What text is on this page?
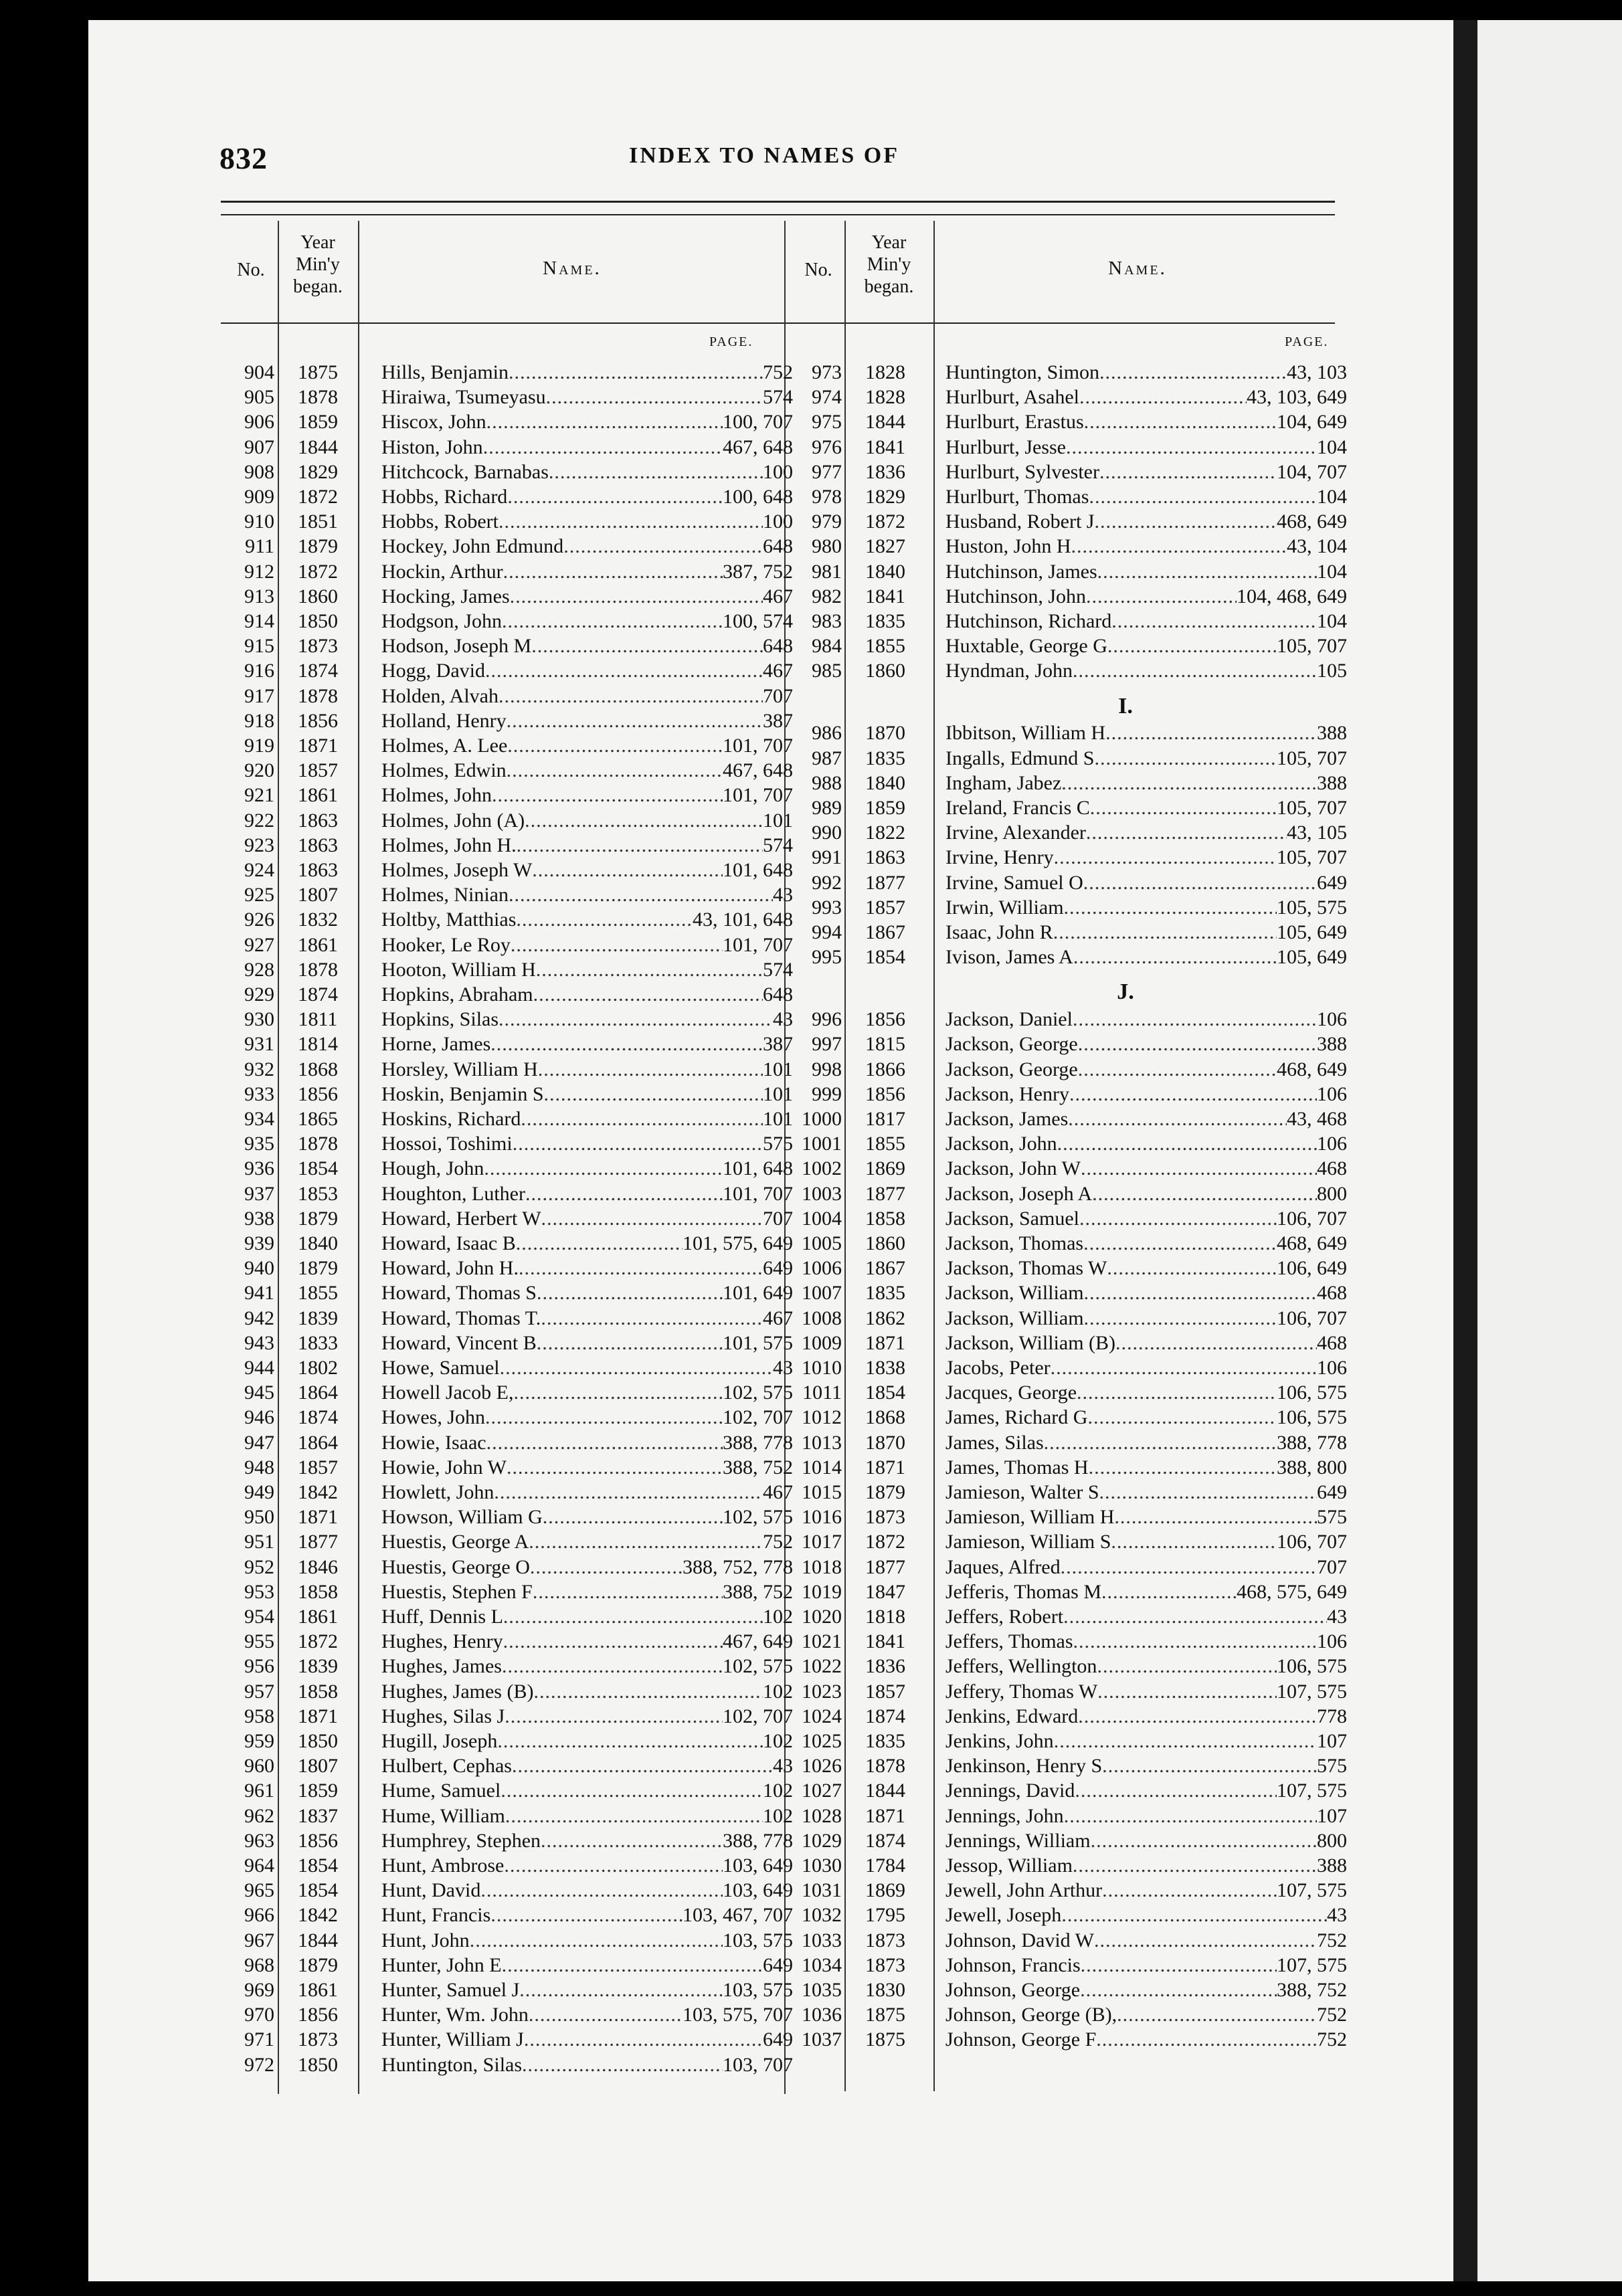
832	INDEX TO NAMES OF
No.
Year
Min'y
began.
Name.
PAGE.
No.
Year
Min'y
began.
Name.
PAGE.
904	1875	Hills, Benjamin .....	752
905	1878	Hiraiwa, Tsumeyasu .....	574
906	1859	Hiscox, John .....	100, 707
907	1844	Histon, John .....	467, 648
908	1829	Hitchcock, Barnabas .....	100
909	1872	Hobbs, Richard .....	100, 648
910	1851	Hobbs, Robert .....	100
911	1879	Hockey, John Edmund .....	648
912	1872	Hockin, Arthur .....	387, 752
913	1860	Hocking, James .....	467
914	1850	Hodgson, John .....	100, 574
915	1873	Hodson, Joseph M .....	648
916	1874	Hogg, David .....	467
917	1878	Holden, Alvah .....	707
918	1856	Holland, Henry .....	387
919	1871	Holmes, A. Lee .....	101, 707
920	1857	Holmes, Edwin .....	467, 648
921	1861	Holmes, John .....	101, 707
922	1863	Holmes, John (A) .....	101
923	1863	Holmes, John H. .....	574
924	1863	Holmes, Joseph W .....	101, 648
925	1807	Holmes, Ninian .....	43
926	1832	Holtby, Matthias .....	43, 101, 648
927	1861	Hooker, Le Roy .....	101, 707
928	1878	Hooton, William H .....	574
929	1874	Hopkins, Abraham .....	648
930	1811	Hopkins, Silas .....	43
931	1814	Horne, James .....	387
932	1868	Horsley, William H .....	101
933	1856	Hoskin, Benjamin S .....	101
934	1865	Hoskins, Richard .....	101
935	1878	Hossoi, Toshimi .....	575
936	1854	Hough, John .....	101, 648
937	1853	Houghton, Luther .....	101, 707
938	1879	Howard, Herbert W .....	707
939	1840	Howard, Isaac B .....	101, 575, 649
940	1879	Howard, John H. .....	649
941	1855	Howard, Thomas S .....	101, 649
942	1839	Howard, Thomas T. .....	467
943	1833	Howard, Vincent B .....	101, 575
944	1802	Howe, Samuel .....	43
945	1864	Howell Jacob E, .....	102, 575
946	1874	Howes, John .....	102, 707
947	1864	Howie, Isaac .....	388, 778
948	1857	Howie, John W .....	388, 752
949	1842	Howlett, John .....	467
950	1871	Howson, William G .....	102, 575
951	1877	Huestis, George A .....	752
952	1846	Huestis, George O .....	388, 752, 778
953	1858	Huestis, Stephen F .....	388, 752
954	1861	Huff, Dennis L .....	102
955	1872	Hughes, Henry .....	467, 649
956	1839	Hughes, James .....	102, 575
957	1858	Hughes, James (B) .....	102
958	1871	Hughes, Silas J .....	102, 707
959	1850	Hugill, Joseph .....	102
960	1807	Hulbert, Cephas .....	43
961	1859	Hume, Samuel .....	102
962	1837	Hume, William .....	102
963	1856	Humphrey, Stephen .....	388, 778
964	1854	Hunt, Ambrose .....	103, 649
965	1854	Hunt, David .....	103, 649
966	1842	Hunt, Francis .....	103, 467, 707
967	1844	Hunt, John .....	103, 575
968	1879	Hunter, John E .....	649
969	1861	Hunter, Samuel J .....	103, 575
970	1856	Hunter, Wm. John .....	103, 575, 707
971	1873	Hunter, William J .....	649
972	1850	Huntington, Silas .....	103, 707
973	1828	Huntington, Simon .....	43, 103
974	1828	Hurlburt, Asahel .....	43, 103, 649
975	1844	Hurlburt, Erastus .....	104, 649
976	1841	Hurlburt, Jesse .....	104
977	1836	Hurlburt, Sylvester .....	104, 707
978	1829	Hurlburt, Thomas .....	104
979	1872	Husband, Robert J .....	468, 649
980	1827	Huston, John H .....	43, 104
981	1840	Hutchinson, James .....	104
982	1841	Hutchinson, John .....	104, 468, 649
983	1835	Hutchinson, Richard .....	104
984	1855	Huxtable, George G .....	105, 707
985	1860	Hyndman, John .....	105
I.
986	1870	Ibbitson, William H .....	388
987	1835	Ingalls, Edmund S .....	105, 707
988	1840	Ingham, Jabez .....	388
989	1859	Ireland, Francis C .....	105, 707
990	1822	Irvine, Alexander .....	43, 105
991	1863	Irvine, Henry .....	105, 707
992	1877	Irvine, Samuel O .....	649
993	1857	Irwin, William .....	105, 575
994	1867	Isaac, John R .....	105, 649
995	1854	Ivison, James A .....	105, 649
J.
996	1856	Jackson, Daniel .....	106
997	1815	Jackson, George .....	388
998	1866	Jackson, George .....	468, 649
999	1856	Jackson, Henry .....	106
1000	1817	Jackson, James .....	43, 468
1001	1855	Jackson, John .....	106
1002	1869	Jackson, John W .....	468
1003	1877	Jackson, Joseph A .....	800
1004	1858	Jackson, Samuel .....	106, 707
1005	1860	Jackson, Thomas .....	468, 649
1006	1867	Jackson, Thomas W .....	106, 649
1007	1835	Jackson, William .....	468
1008	1862	Jackson, William .....	106, 707
1009	1871	Jackson, William (B) .....	468
1010	1838	Jacobs, Peter .....	106
1011	1854	Jacques, George .....	106, 575
1012	1868	James, Richard G .....	106, 575
1013	1870	James, Silas .....	388, 778
1014	1871	James, Thomas H .....	388, 800
1015	1879	Jamieson, Walter S .....	649
1016	1873	Jamieson, William H .....	575
1017	1872	Jamieson, William S .....	106, 707
1018	1877	Jaques, Alfred .....	707
1019	1847	Jefferis, Thomas M .....	468, 575, 649
1020	1818	Jeffers, Robert .....	43
1021	1841	Jeffers, Thomas .....	106
1022	1836	Jeffers, Wellington .....	106, 575
1023	1857	Jeffery, Thomas W .....	107, 575
1024	1874	Jenkins, Edward .....	778
1025	1835	Jenkins, John .....	107
1026	1878	Jenkinson, Henry S .....	575
1027	1844	Jennings, David .....	107, 575
1028	1871	Jennings, John .....	107
1029	1874	Jennings, William .....	800
1030	1784	Jessop, William .....	388
1031	1869	Jewell, John Arthur .....	107, 575
1032	1795	Jewell, Joseph .....	43
1033	1873	Johnson, David W .....	752
1034	1873	Johnson, Francis .....	107, 575
1035	1830	Johnson, George .....	388, 752
1036	1875	Johnson, George (B), .....	752
1037	1875	Johnson, George F .....	752
